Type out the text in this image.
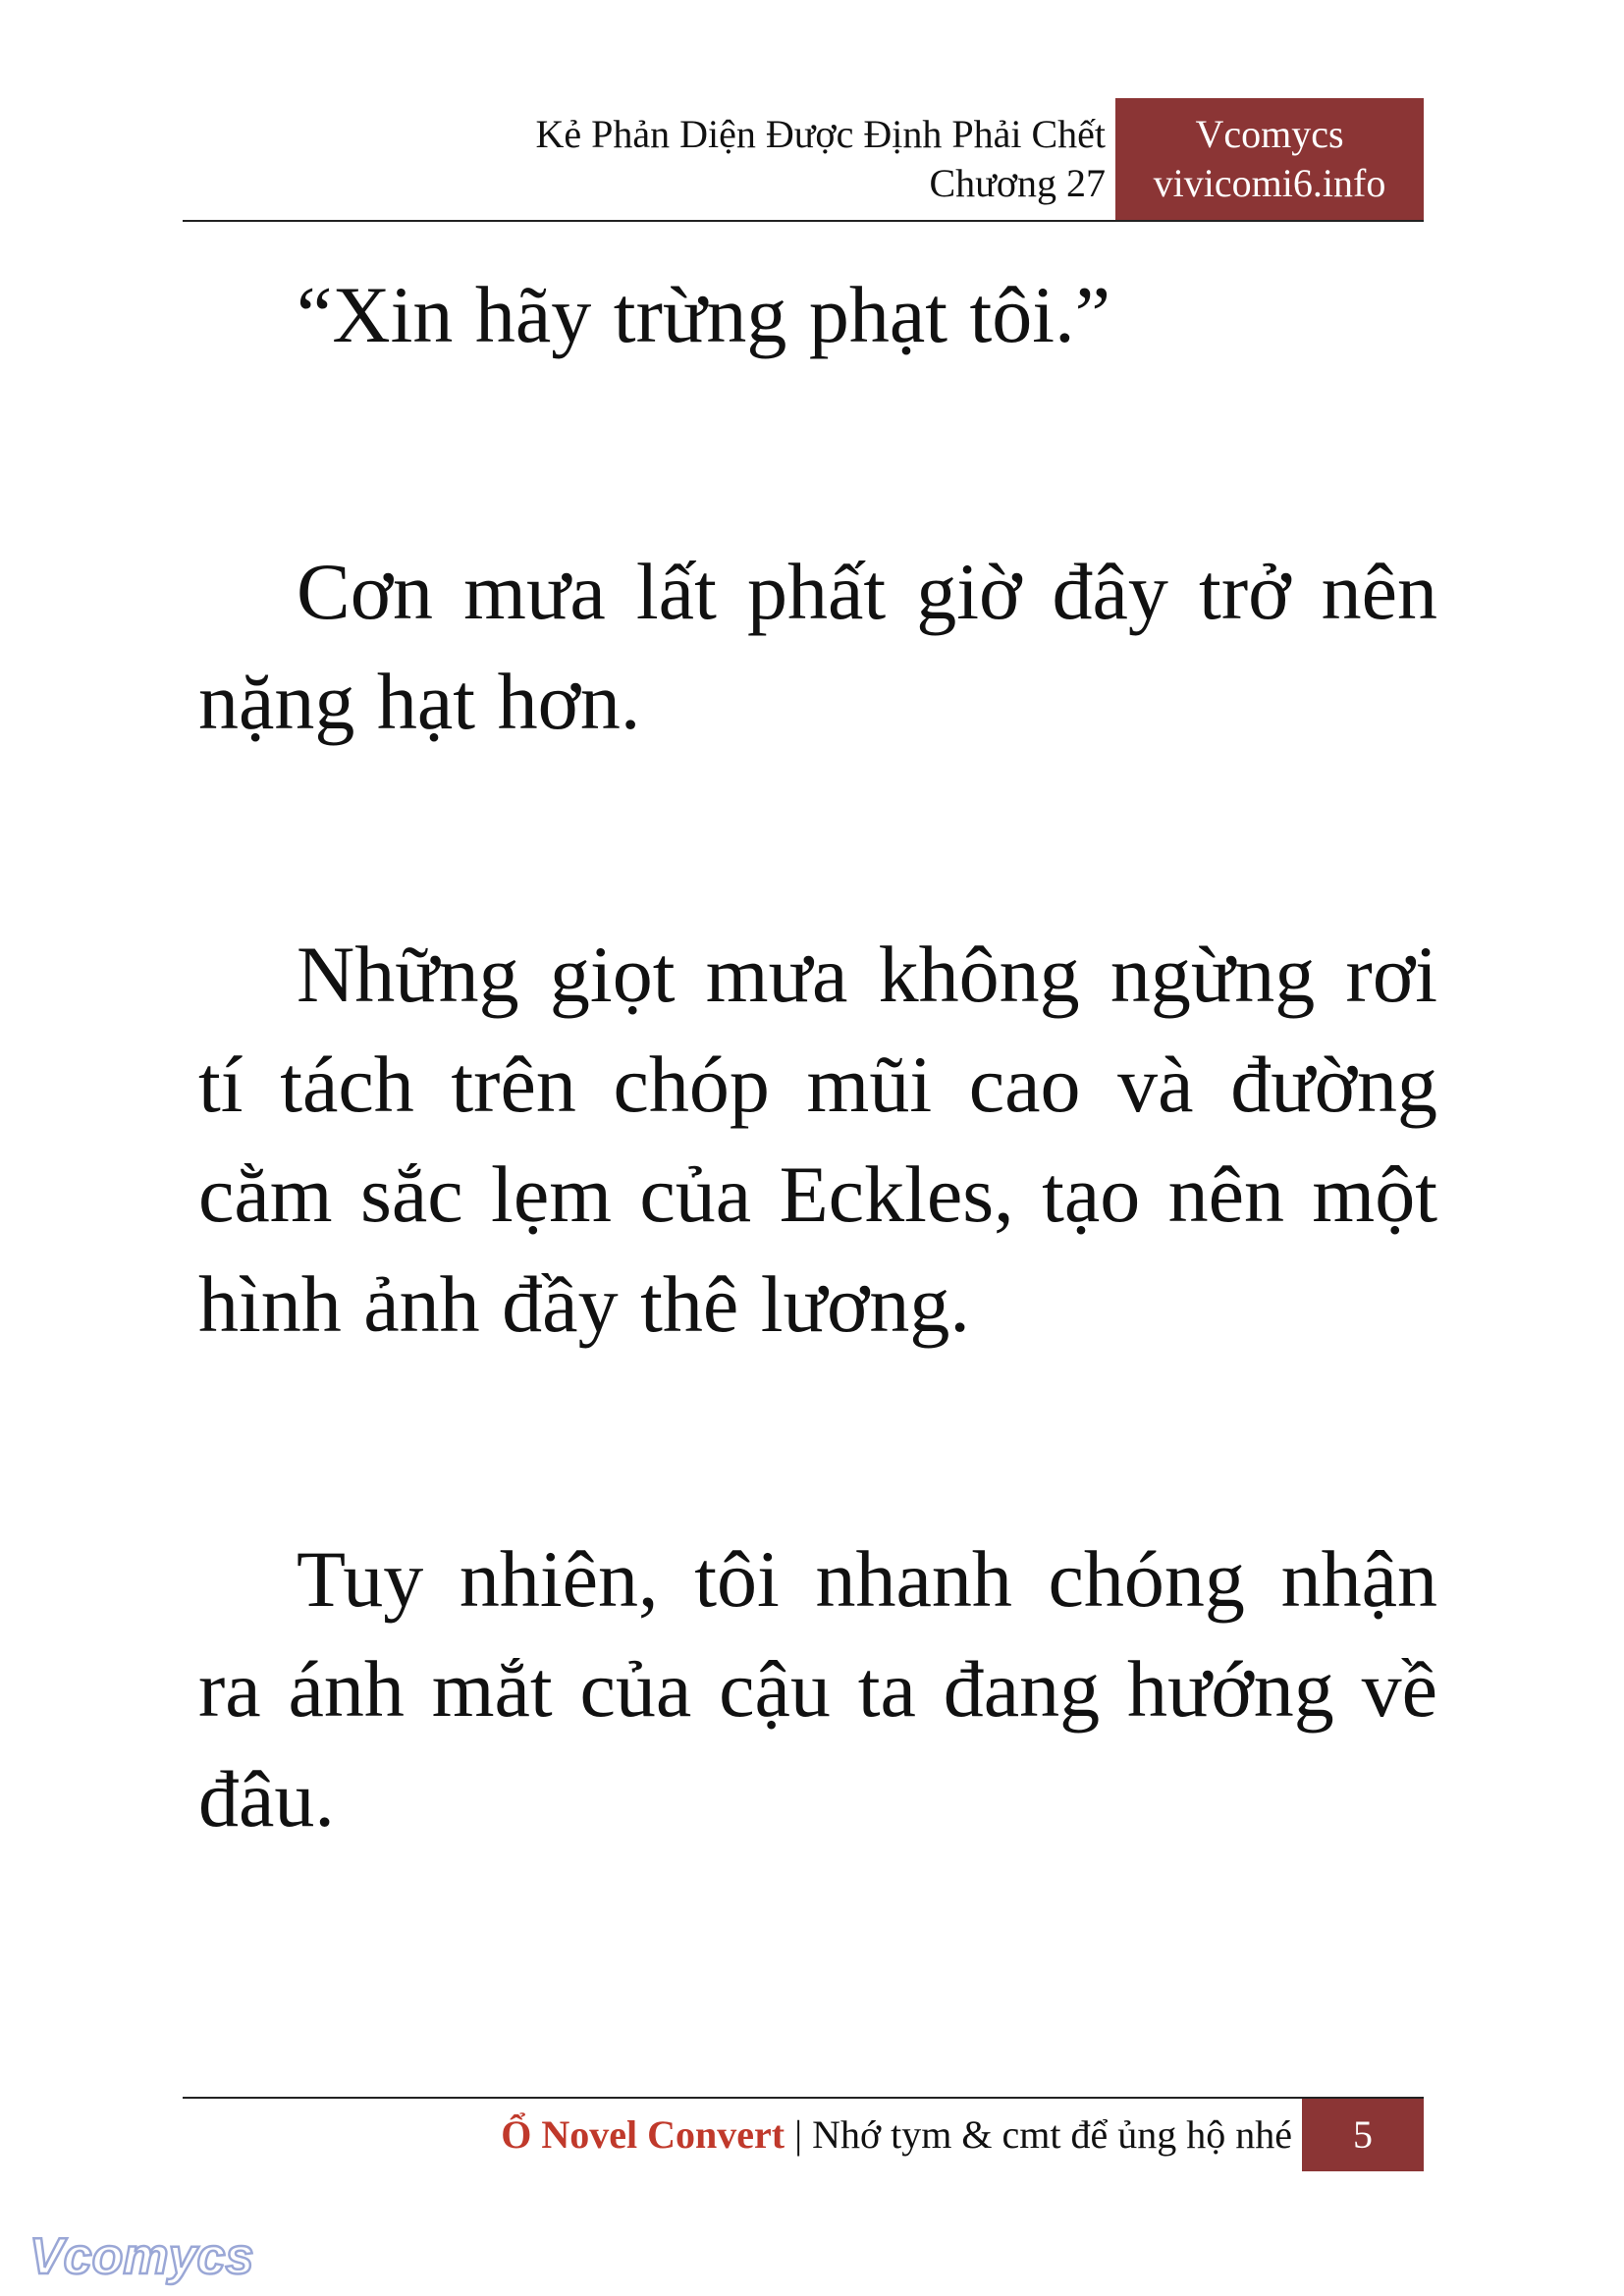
Kẻ Phản Diện Được Định Phải Chết
Chương 27
Vcomycs
vivicomi6.info

“Xin hãy trừng phạt tôi.”

Cơn mưa lất phất giờ đây trở nên nặng hạt hơn.

Những giọt mưa không ngừng rơi tí tách trên chóp mũi cao và đường cằm sắc lẹm của Eckles, tạo nên một hình ảnh đầy thê lương.

Tuy nhiên, tôi nhanh chóng nhận ra ánh mắt của cậu ta đang hướng về đâu.

Ổ Novel Convert | Nhớ tym & cmt để ủng hộ nhé	5
Vcomycs
